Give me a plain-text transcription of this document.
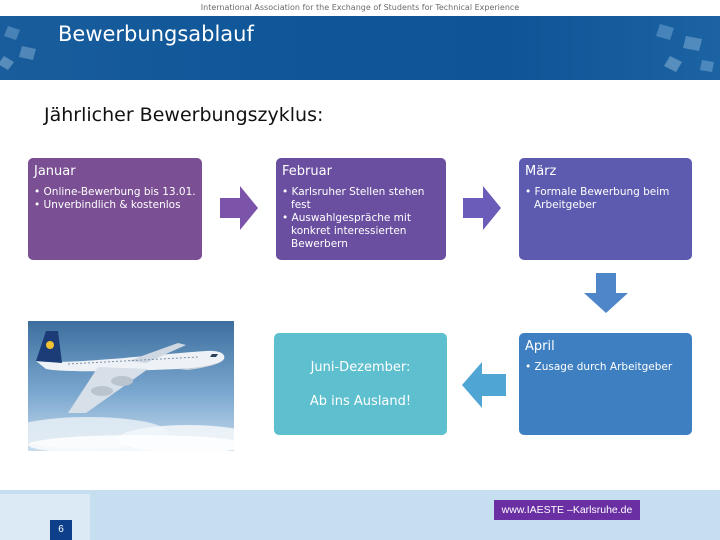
International Association for the Exchange of Students for Technical Experience
Bewerbungsablauf
Jährlicher Bewerbungszyklus:
Januar
• Online-Bewerbung bis 13.01.
• Unverbindlich & kostenlos
Februar
• Karlsruher Stellen stehen fest
• Auswahlgespräche mit konkret interessierten Bewerbern
März
• Formale Bewerbung beim Arbeitgeber
April
• Zusage durch Arbeitgeber
Juni-Dezember:
Ab ins Ausland!
6
www.IAESTE –Karlsruhe.de
